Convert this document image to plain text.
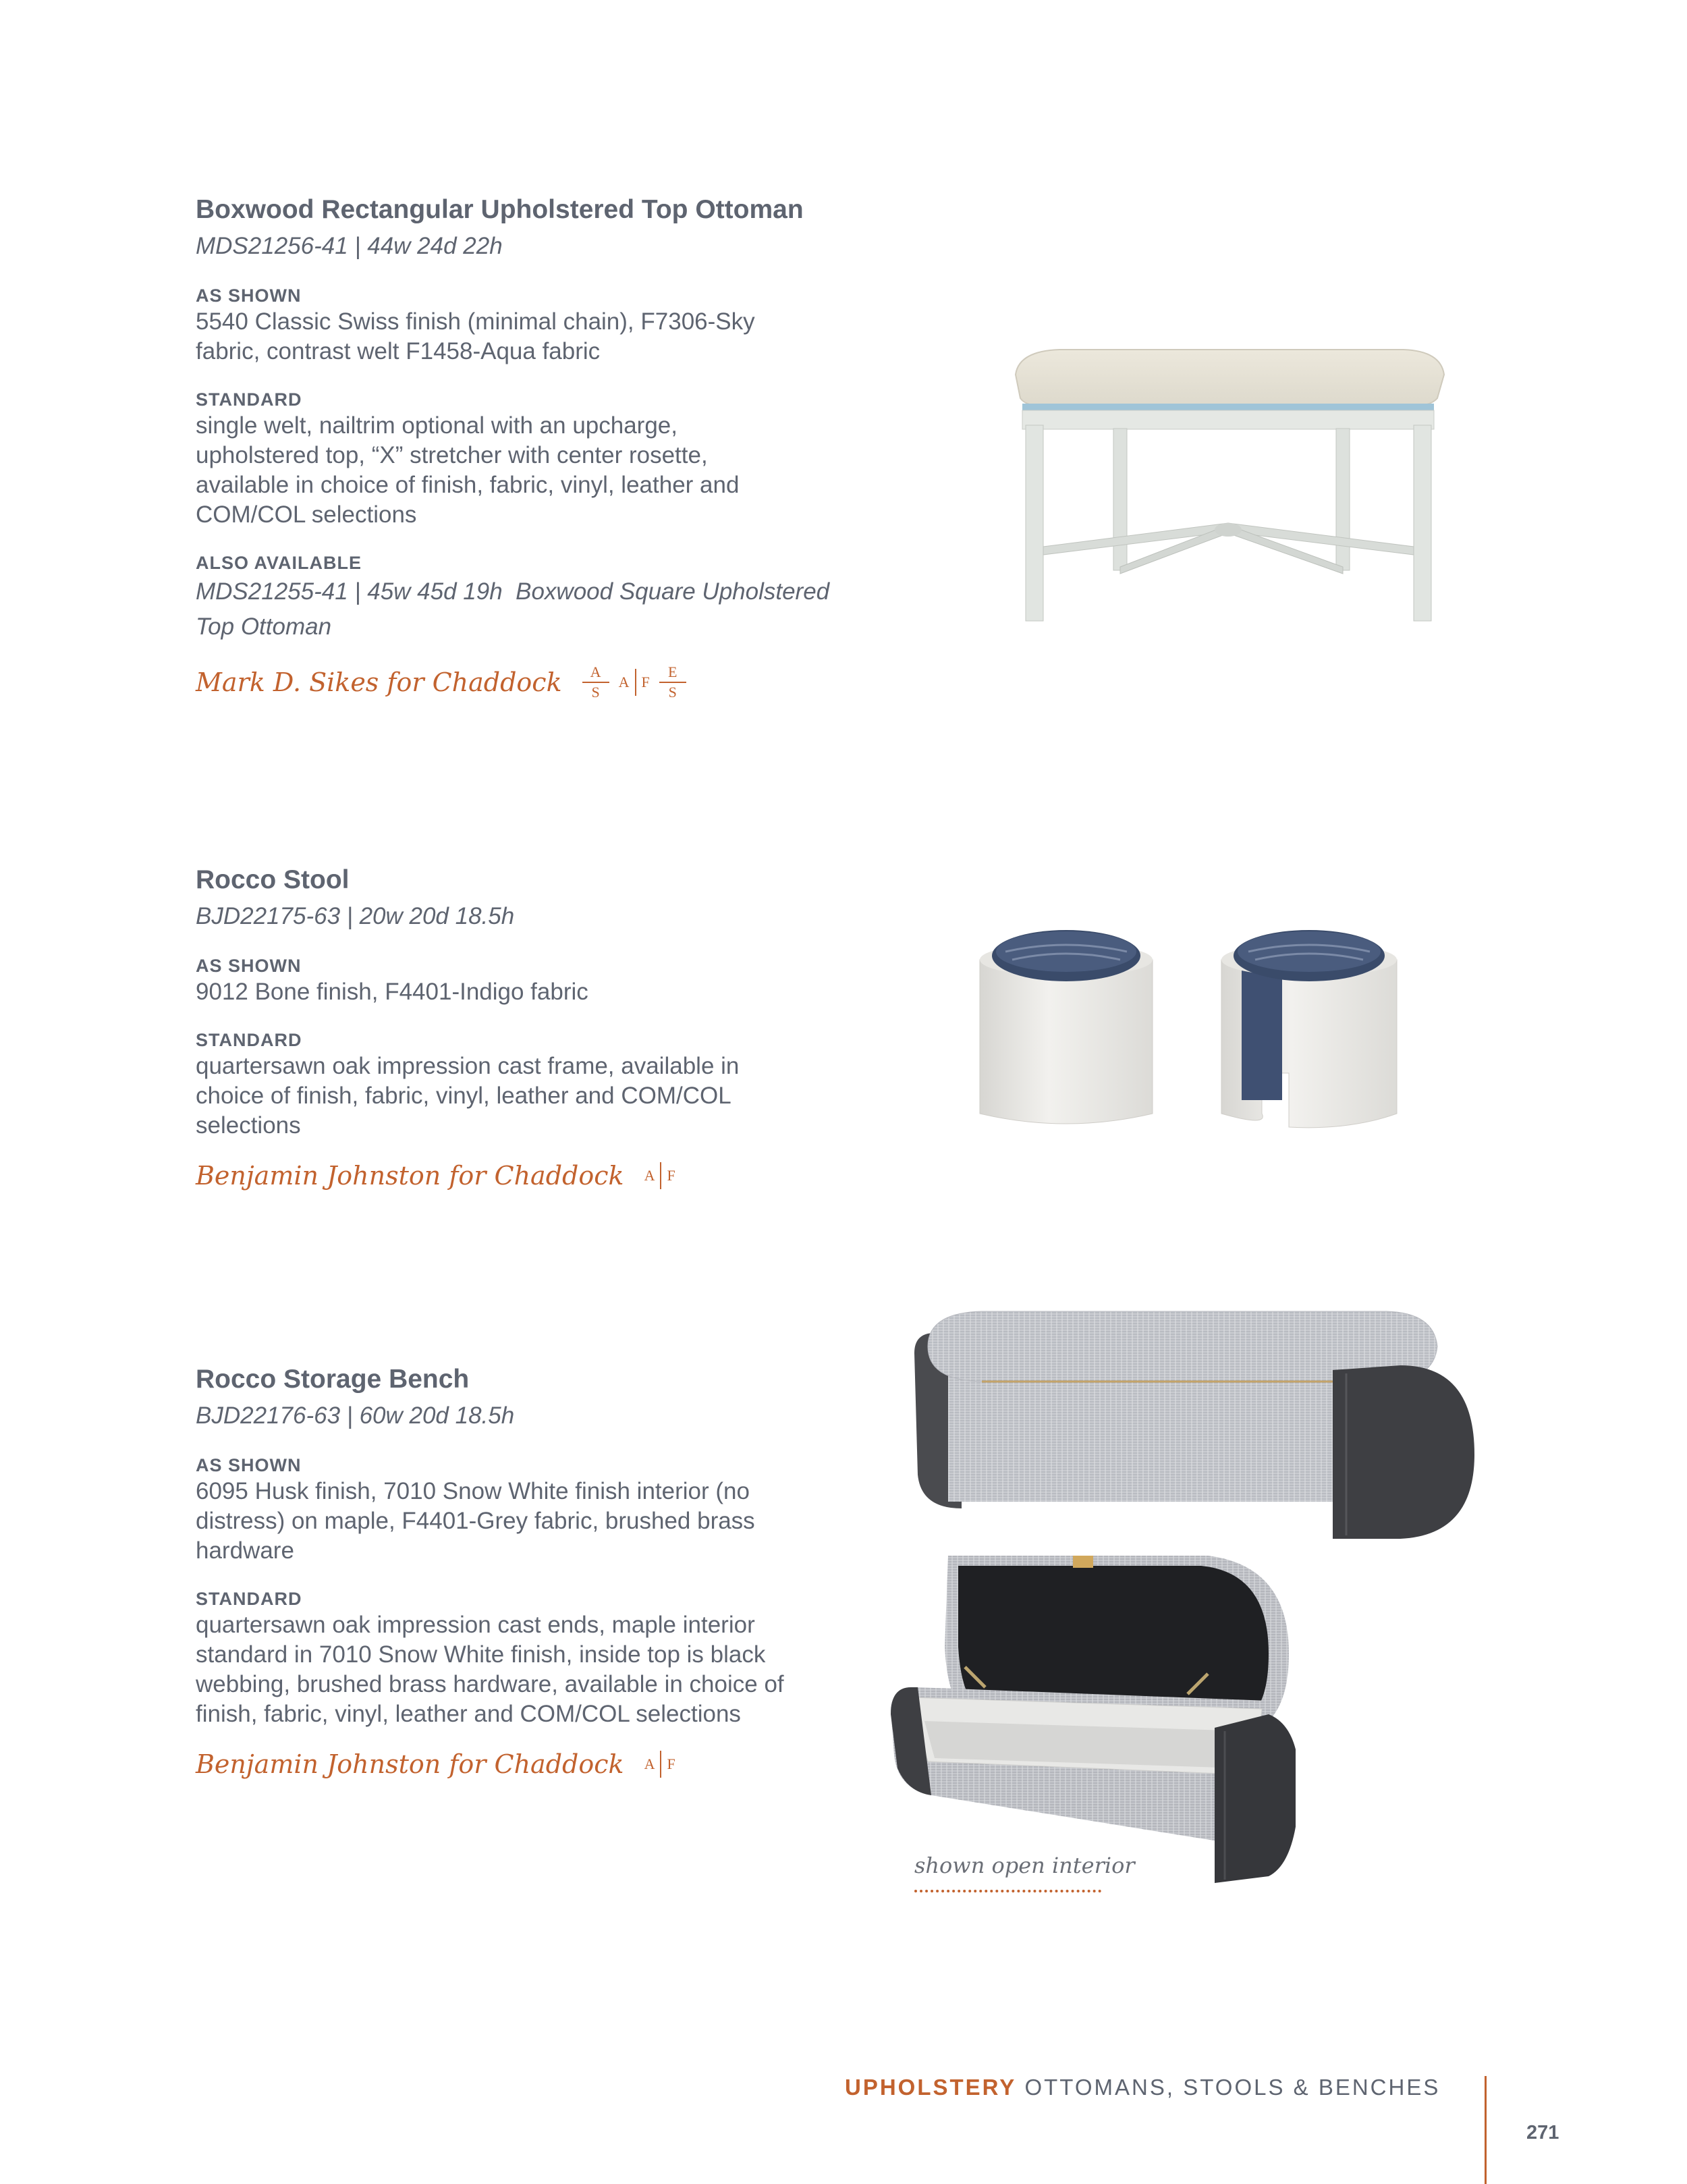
Boxwood Rectangular Upholstered Top Ottoman
MDS21256-41 | 44w 24d 22h
AS SHOWN
5540 Classic Swiss finish (minimal chain), F7306-Sky
fabric, contrast welt F1458-Aqua fabric
STANDARD
single welt, nailtrim optional with an upcharge,
upholstered top, “X” stretcher with center rosette,
available in choice of finish, fabric, vinyl, leather and
COM/COL selections
ALSO AVAILABLE
MDS21255-41 | 45w 45d 19h  Boxwood Square Upholstered
Top Ottoman
Mark D. Sikes for Chaddock $\frac{A}{S}$ A F $\frac{E}{S}$
Rocco Stool
BJD22175-63 | 20w 20d 18.5h
AS SHOWN
9012 Bone finish, F4401-Indigo fabric
STANDARD
quartersawn oak impression cast frame, available in
choice of finish, fabric, vinyl, leather and COM/COL
selections
Benjamin Johnston for Chaddock A F
Rocco Storage Bench
BJD22176-63 | 60w 20d 18.5h
AS SHOWN
6095 Husk finish, 7010 Snow White finish interior (no
distress) on maple, F4401-Grey fabric, brushed brass
hardware
STANDARD
quartersawn oak impression cast ends, maple interior
standard in 7010 Snow White finish, inside top is black
webbing, brushed brass hardware, available in choice of
finish, fabric, vinyl, leather and COM/COL selections
Benjamin Johnston for Chaddock A F
shown open interior
UPHOLSTERY OTTOMANS, STOOLS & BENCHES
271
